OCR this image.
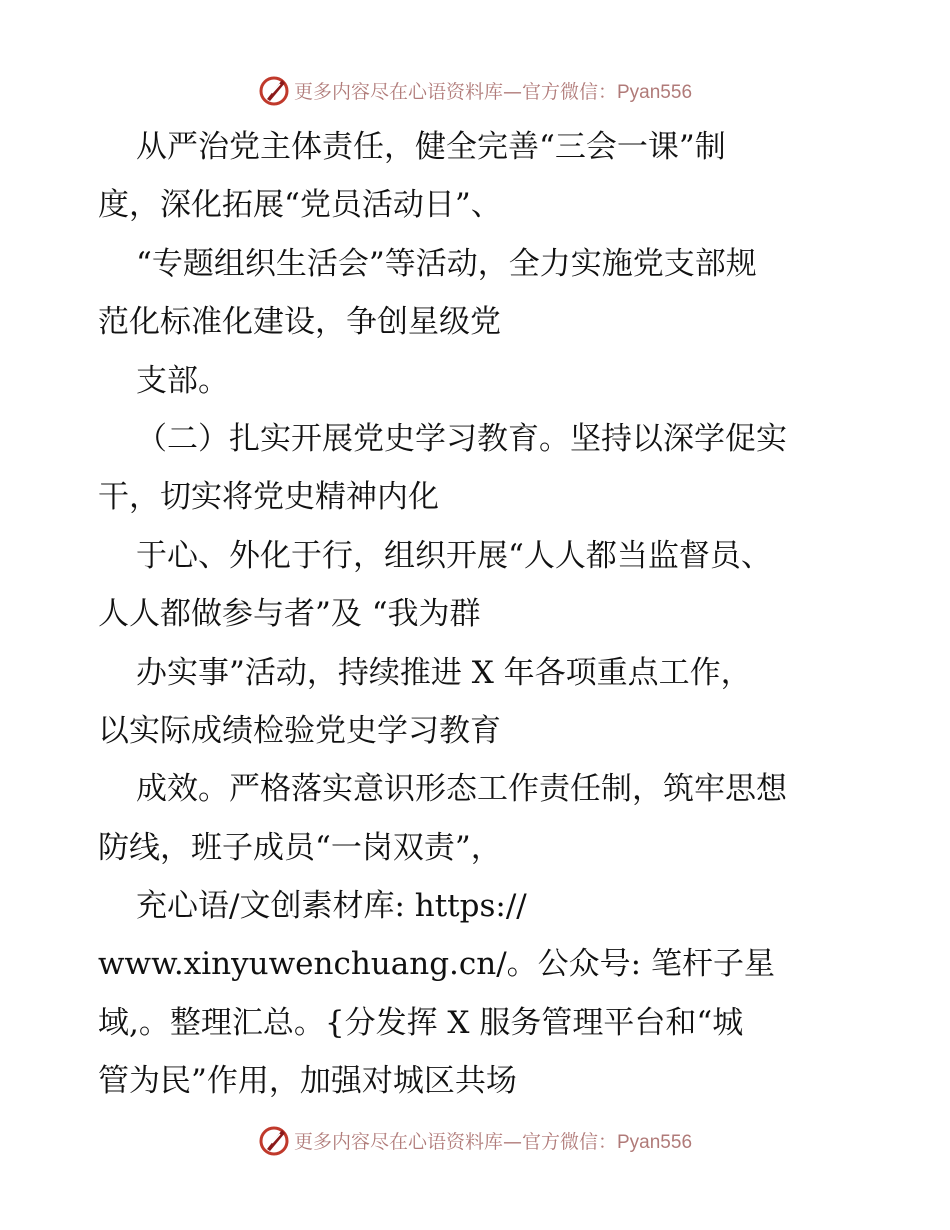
更多内容尽在心语资料库—官方微信：Pyan556
从严治党主体责任，健全完善“三会一课”制
度，深化拓展“党员活动日”、
“专题组织生活会”等活动，全力实施党支部规
范化标准化建设，争创星级党
支部。
（二）扎实开展党史学习教育。坚持以深学促实
干，切实将党史精神内化
于心、外化于行，组织开展“人人都当监督员、
人人都做参与者”及 “我为群
办实事”活动，持续推进 X 年各项重点工作，
以实际成绩检验党史学习教育
成效。严格落实意识形态工作责任制，筑牢思想
防线，班子成员“一岗双责”，
充心语/文创素材库: https://
www.xinyuwenchuang.cn/。公众号: 笔杆子星
域,。整理汇总。{分发挥 X 服务管理平台和“城
管为民”作用，加强对城区共场
更多内容尽在心语资料库—官方微信：Pyan556
